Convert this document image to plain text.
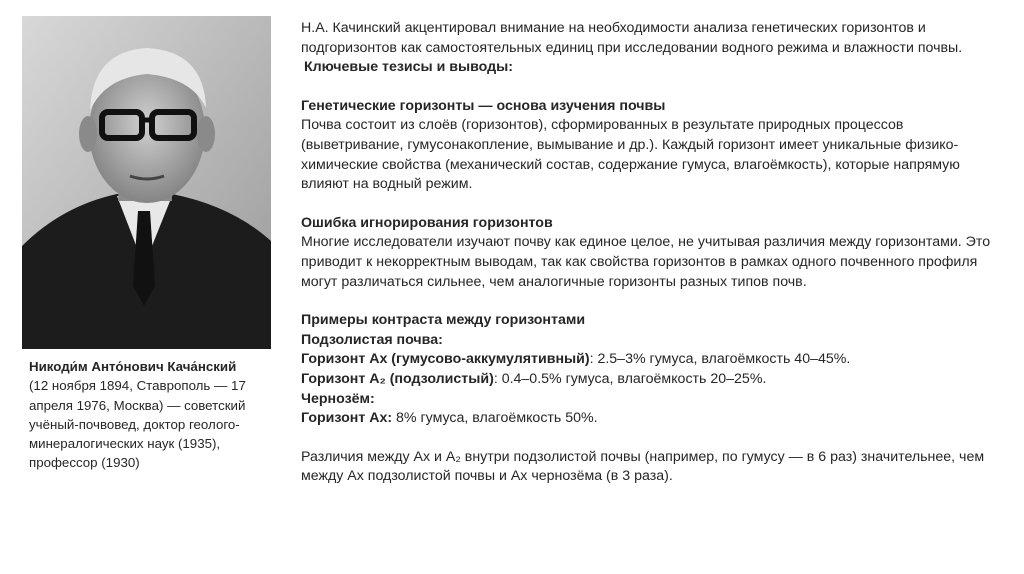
Никоди́м Анто́нович Кача́нский
(12 ноября 1894, Ставрополь — 17 апреля 1976, Москва) — советский учёный-почвовед, доктор геолого-минералогических наук (1935), профессор (1930)

Н.А. Качинский акцентировал внимание на необходимости анализа генетических горизонтов и подгоризонтов как самостоятельных единиц при исследовании водного режима и влажности почвы.

Ключевые тезисы и выводы:

Генетические горизонты — основа изучения почвы

Почва состоит из слоёв (горизонтов), сформированных в результате природных процессов (выветривание, гумусонакопление, вымывание и др.). Каждый горизонт имеет уникальные физико-химические свойства (механический состав, содержание гумуса, влагоёмкость), которые напрямую влияют на водный режим.

Ошибка игнорирования горизонтов

Многие исследователи изучают почву как единое целое, не учитывая различия между горизонтами. Это приводит к некорректным выводам, так как свойства горизонтов в рамках одного почвенного профиля могут различаться сильнее, чем аналогичные горизонты разных типов почв.

Примеры контраста между горизонтами

Подзолистая почва:

Горизонт Ах (гумусово-аккумулятивный): 2.5–3% гумуса, влагоёмкость 40–45%.

Горизонт А₂ (подзолистый): 0.4–0.5% гумуса, влагоёмкость 20–25%.

Чернозём:

Горизонт Ах: 8% гумуса, влагоёмкость 50%.

Различия между Ах и А₂ внутри подзолистой почвы (например, по гумусу — в 6 раз) значительнее, чем между Ах подзолистой почвы и Ах чернозёма (в 3 раза).
